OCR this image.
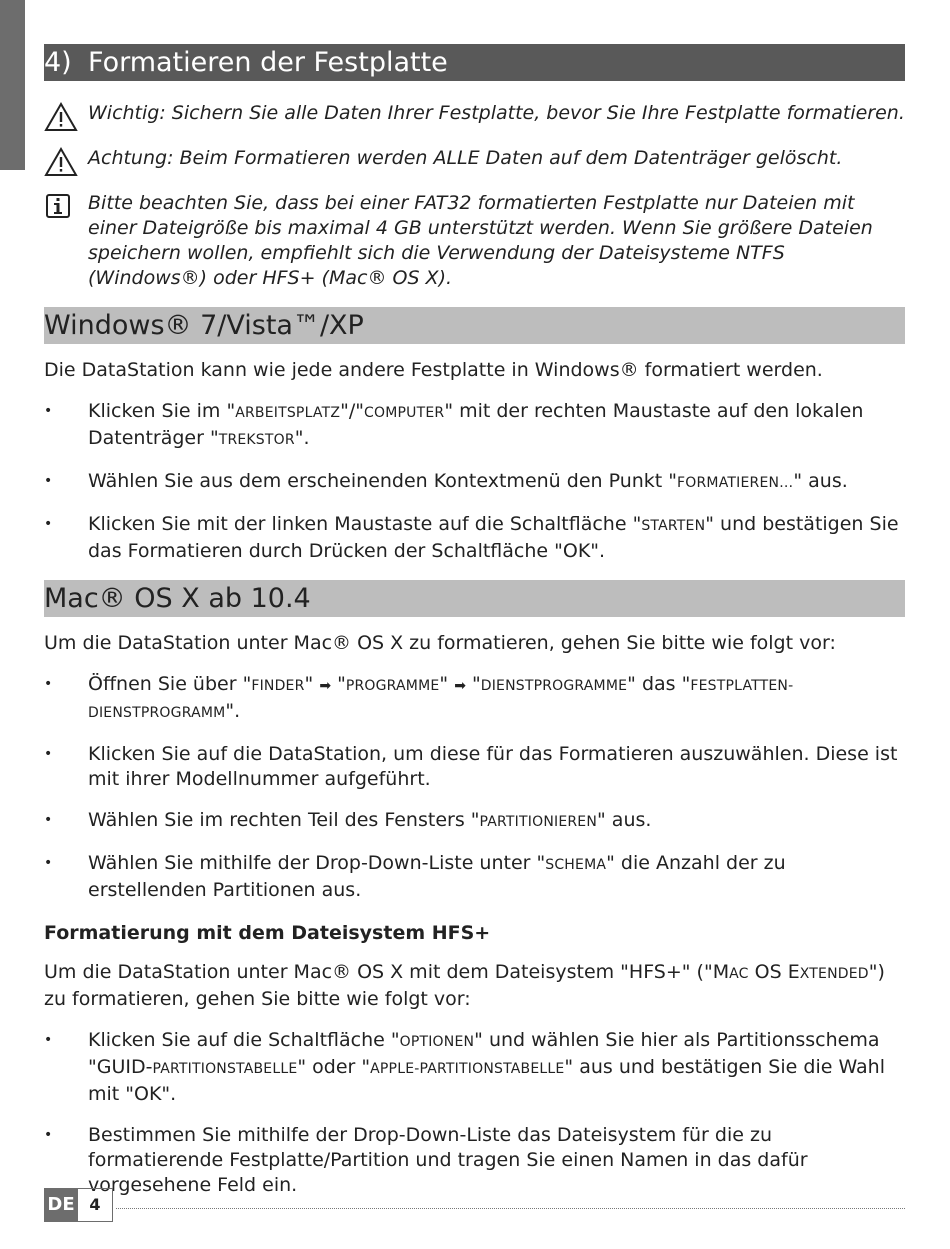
4) Formatieren der Festplatte
Wichtig: Sichern Sie alle Daten Ihrer Festplatte, bevor Sie Ihre Festplatte formatieren.
Achtung: Beim Formatieren werden ALLE Daten auf dem Datenträger gelöscht.
Bitte beachten Sie, dass bei einer FAT32 formatierten Festplatte nur Dateien mit einer Dateigröße bis maximal 4 GB unterstützt werden. Wenn Sie größere Dateien speichern wollen, empfiehlt sich die Verwendung der Dateisysteme NTFS (Windows®) oder HFS+ (Mac® OS X).
Windows® 7/Vista™/XP
Die DataStation kann wie jede andere Festplatte in Windows® formatiert werden.
• Klicken Sie im "ARBEITSPLATZ"/"COMPUTER" mit der rechten Maustaste auf den lokalen Datenträger "TREKSTOR".
• Wählen Sie aus dem erscheinenden Kontextmenü den Punkt "FORMATIEREN…" aus.
• Klicken Sie mit der linken Maustaste auf die Schaltfläche "STARTEN" und bestätigen Sie das Formatieren durch Drücken der Schaltfläche "OK".
Mac® OS X ab 10.4
Um die DataStation unter Mac® OS X zu formatieren, gehen Sie bitte wie folgt vor:
• Öffnen Sie über "FINDER" ➡ "PROGRAMME" ➡ "DIENSTPROGRAMME" das "FESTPLATTEN-DIENSTPROGRAMM".
• Klicken Sie auf die DataStation, um diese für das Formatieren auszuwählen. Diese ist mit ihrer Modellnummer aufgeführt.
• Wählen Sie im rechten Teil des Fensters "PARTITIONIEREN" aus.
• Wählen Sie mithilfe der Drop-Down-Liste unter "SCHEMA" die Anzahl der zu erstellenden Partitionen aus.
Formatierung mit dem Dateisystem HFS+
Um die DataStation unter Mac® OS X mit dem Dateisystem "HFS+" ("MAC OS EXTENDED") zu formatieren, gehen Sie bitte wie folgt vor:
• Klicken Sie auf die Schaltfläche "OPTIONEN" und wählen Sie hier als Partitionsschema "GUID-PARTITIONSTABELLE" oder "APPLE-PARTITIONSTABELLE" aus und bestätigen Sie die Wahl mit "OK".
• Bestimmen Sie mithilfe der Drop-Down-Liste das Dateisystem für die zu formatierende Festplatte/Partition und tragen Sie einen Namen in das dafür vorgesehene Feld ein.
DE 4
